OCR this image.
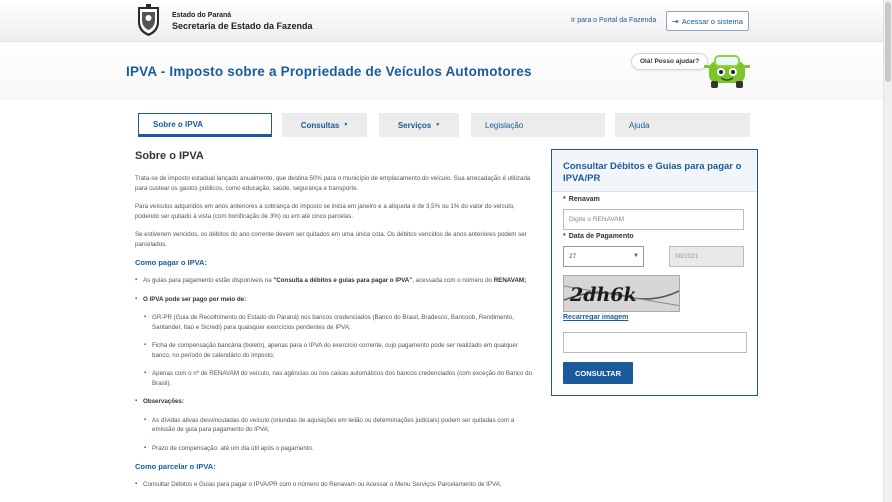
Estado do Paraná
Secretaria de Estado da Fazenda
Ir para o Portal da Fazenda ⇥ Acessar o sistema
IPVA - Imposto sobre a Propriedade de Veículos Automotores
Olá! Posso ajudar?
Sobre o IPVA	Consultas ▼	Serviços ▼	Legislação	Ajuda
Sobre o IPVA
Trata-se de imposto estadual lançado anualmente, que destina 50% para o município de emplacamento do veículo. Sua arrecadação é utilizada para custear os gastos públicos, como educação, saúde, segurança e transporte.
Para veículos adquiridos em anos anteriores a cobrança do imposto se inicia em janeiro e a alíquota é de 3,5% ou 1% do valor do veículo, podendo ser quitado à vista (com bonificação de 3%) ou em até cinco parcelas.
Se estiverem vencidos, os débitos do ano corrente devem ser quitados em uma única cota. Os débitos vencidos de anos anteriores podem ser parcelados.
Como pagar o IPVA:
▪ As guias para pagamento estão disponíveis na "Consulta a débitos e guias para pagar o IPVA", acessada com o número do RENAVAM;
▪ O IPVA pode ser pago por meio de:
▪ GR-PR (Guia de Recolhimento do Estado do Paraná) nos bancos credenciados (Banco do Brasil, Bradesco, Bancoob, Rendimento, Santander, Itaú e Sicredi) para quaisquer exercícios pendentes de IPVA;
▪ Ficha de compensação bancária (boleto), apenas para o IPVA do exercício corrente, cujo pagamento pode ser realizado em qualquer banco, no período de calendário do imposto;
▪ Apenas com o nº de RENAVAM do veículo, nas agências ou nos caixas automáticos dos bancos credenciados (com exceção do Banco do Brasil).
▪ Observações:
▪ As dívidas ativas desvinculadas do veículo (oriundas de aquisições em leilão ou determinações judiciais) podem ser quitadas com a emissão de guia para pagamento do IPVA;
▪ Prazo de compensação: até um dia útil após o pagamento.
Como parcelar o IPVA:
▪ Consultar Débitos e Guias para pagar o IPVA/PR com o número do Renavam ou Acessar o Menu Serviços Parcelamento de IPVA;
Consultar Débitos e Guias para pagar o IPVA/PR
* Renavam
Digite o RENAVAM
* Data de Pagamento
27	▼	08/2021
2dh6k
Recarregar imagem
CONSULTAR
